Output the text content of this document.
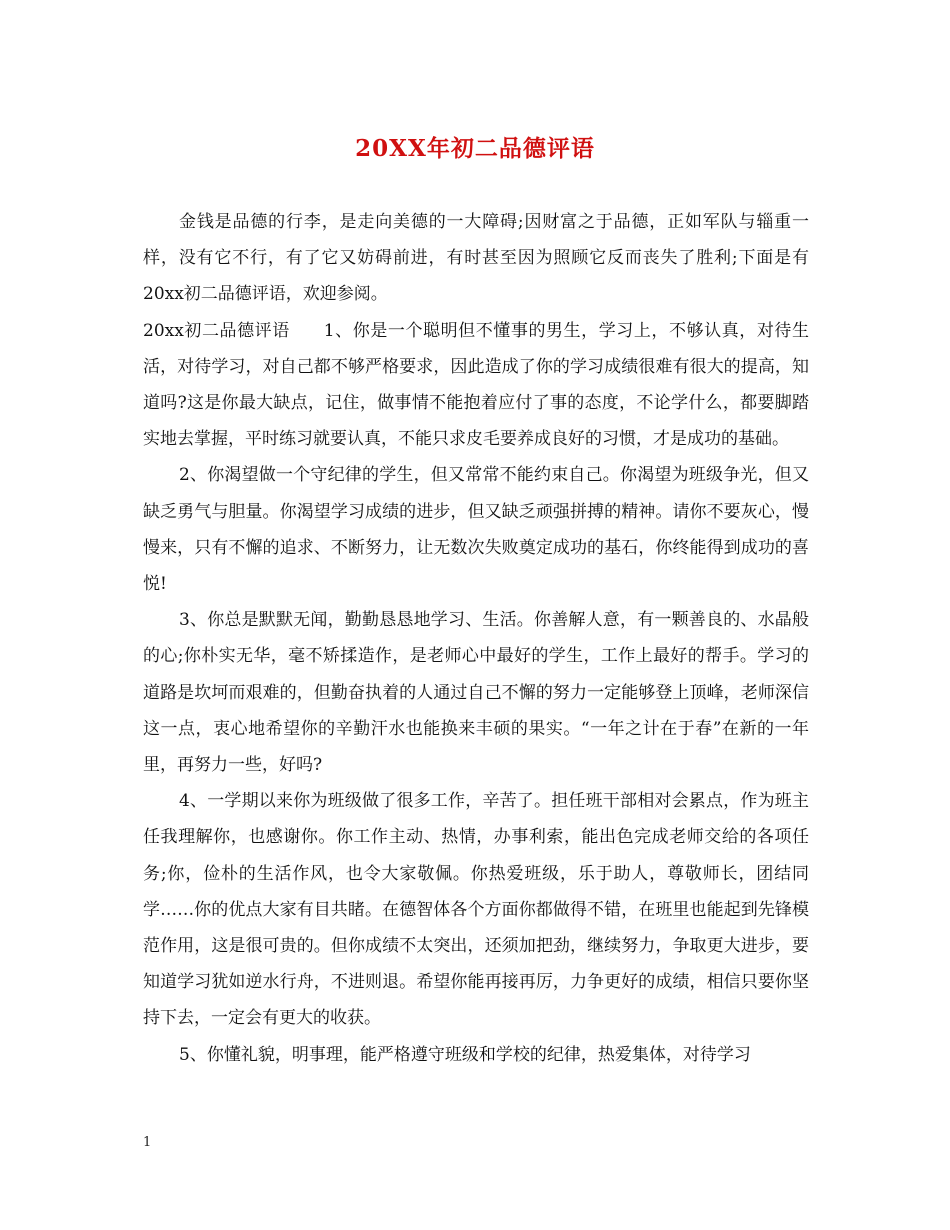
20XX年初二品德评语

金钱是品德的行李，是走向美德的一大障碍;因财富之于品德，正如军队与辎重一样，没有它不行，有了它又妨碍前进，有时甚至因为照顾它反而丧失了胜利;下面是有20xx初二品德评语，欢迎参阅。

20xx初二品德评语 1、你是一个聪明但不懂事的男生，学习上，不够认真，对待生活，对待学习，对自己都不够严格要求，因此造成了你的学习成绩很难有很大的提高，知道吗?这是你最大缺点，记住，做事情不能抱着应付了事的态度，不论学什么，都要脚踏实地去掌握，平时练习就要认真，不能只求皮毛要养成良好的习惯，才是成功的基础。

2、你渴望做一个守纪律的学生，但又常常不能约束自己。你渴望为班级争光，但又缺乏勇气与胆量。你渴望学习成绩的进步，但又缺乏顽强拼搏的精神。请你不要灰心，慢慢来，只有不懈的追求、不断努力，让无数次失败奠定成功的基石，你终能得到成功的喜悦!

3、你总是默默无闻，勤勤恳恳地学习、生活。你善解人意，有一颗善良的、水晶般的心;你朴实无华，毫不矫揉造作，是老师心中最好的学生，工作上最好的帮手。学习的道路是坎坷而艰难的，但勤奋执着的人通过自己不懈的努力一定能够登上顶峰，老师深信这一点，衷心地希望你的辛勤汗水也能换来丰硕的果实。“一年之计在于春”在新的一年里，再努力一些，好吗?

4、一学期以来你为班级做了很多工作，辛苦了。担任班干部相对会累点，作为班主任我理解你，也感谢你。你工作主动、热情，办事利索，能出色完成老师交给的各项任务;你，俭朴的生活作风，也令大家敬佩。你热爱班级，乐于助人，尊敬师长，团结同学……你的优点大家有目共睹。在德智体各个方面你都做得不错，在班里也能起到先锋模范作用，这是很可贵的。但你成绩不太突出，还须加把劲，继续努力，争取更大进步，要知道学习犹如逆水行舟，不进则退。希望你能再接再厉，力争更好的成绩，相信只要你坚持下去，一定会有更大的收获。

5、你懂礼貌，明事理，能严格遵守班级和学校的纪律，热爱集体，对待学习

1
